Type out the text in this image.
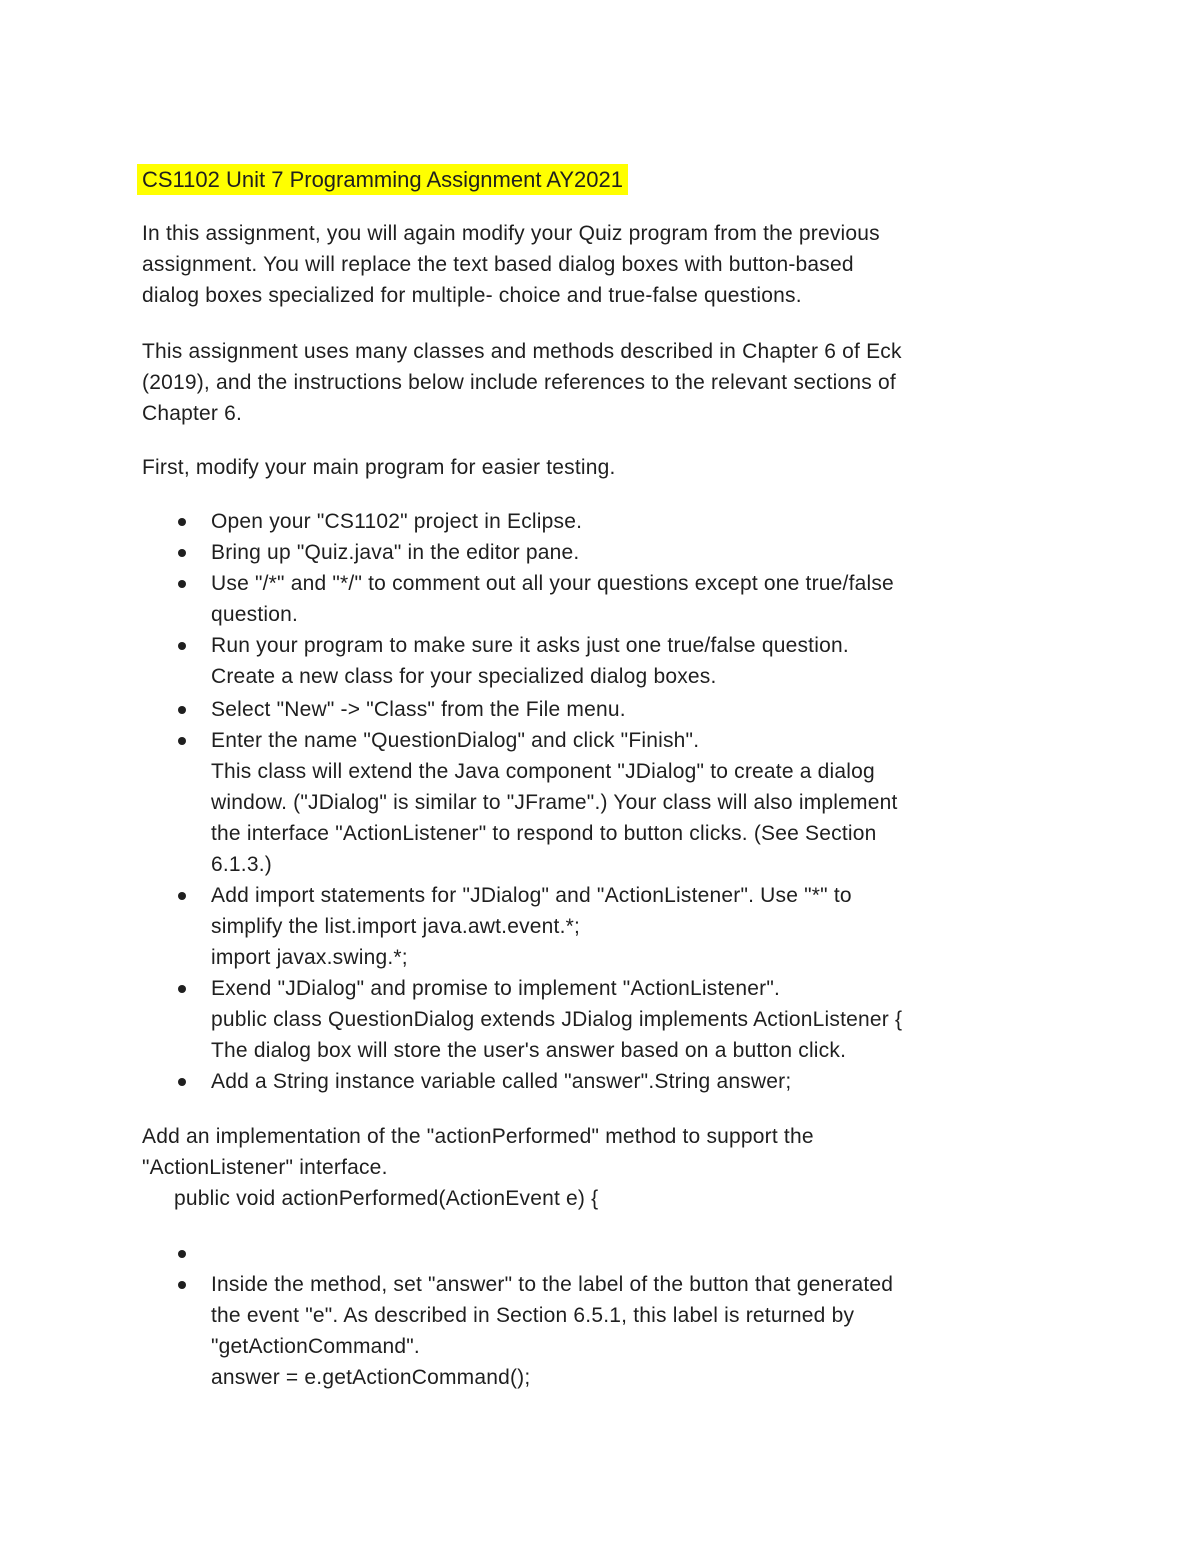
CS1102 Unit 7 Programming Assignment AY2021
In this assignment, you will again modify your Quiz program from the previous
assignment. You will replace the text based dialog boxes with button-based
dialog boxes specialized for multiple- choice and true-false questions.
This assignment uses many classes and methods described in Chapter 6 of Eck
(2019), and the instructions below include references to the relevant sections of
Chapter 6.
First, modify your main program for easier testing.
Open your "CS1102" project in Eclipse.
Bring up "Quiz.java" in the editor pane.
Use "/*" and "*/" to comment out all your questions except one true/false
question.
Run your program to make sure it asks just one true/false question.
Create a new class for your specialized dialog boxes.
Select "New" -> "Class" from the File menu.
Enter the name "QuestionDialog" and click "Finish".
This class will extend the Java component "JDialog" to create a dialog
window. ("JDialog" is similar to "JFrame".) Your class will also implement
the interface "ActionListener" to respond to button clicks. (See Section
6.1.3.)
Add import statements for "JDialog" and "ActionListener". Use "*" to
simplify the list.import java.awt.event.*;
import javax.swing.*;
Exend "JDialog" and promise to implement "ActionListener".
public class QuestionDialog extends JDialog implements ActionListener {
The dialog box will store the user's answer based on a button click.
Add a String instance variable called "answer".String answer;
Add an implementation of the "actionPerformed" method to support the
"ActionListener" interface.
public void actionPerformed(ActionEvent e) {
Inside the method, set "answer" to the label of the button that generated
the event "e". As described in Section 6.5.1, this label is returned by
"getActionCommand".
answer = e.getActionCommand();
